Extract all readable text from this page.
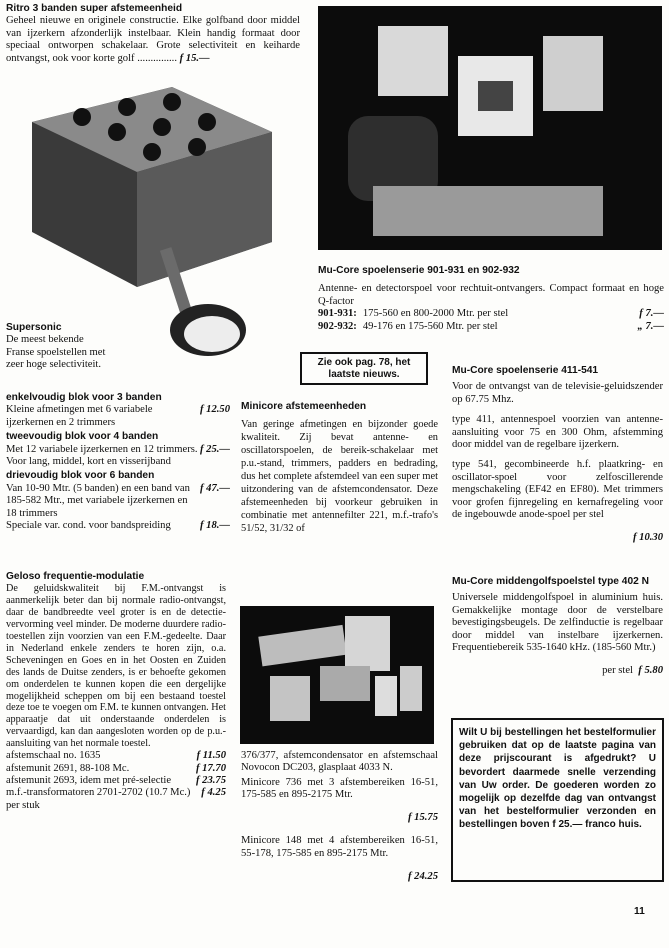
Ritro 3 banden super afstemeenheid

Geheel nieuwe en originele constructie. Elke golfband door middel van ijzerkern afzonderlijk instelbaar. Klein handig formaat door speciaal ontworpen schakelaar. Grote selectiviteit en keiharde ontvangst, ook voor korte golf ............... f 15.—

Supersonic

De meest bekende Franse spoelstellen met zeer hoge selectiviteit.

enkelvoudig blok voor 3 banden

Kleine afmetingen met 6 variabele ijzerkernen en 2 trimmers
f 12.50

tweevoudig blok voor 4 banden

Met 12 variabele ijzerkernen en 12 trimmers. Voor lang, middel, kort en visserijband
f 25.—

drievoudig blok voor 6 banden

Van 10-90 Mtr. (5 banden) en een band van 185-582 Mtr., met variabele ijzerkernen en 18 trimmers
f 47.—
Speciale var. cond. voor bandspreiding	f 18.—

Geloso frequentie-modulatie

De geluidskwaliteit bij F.M.-ontvangst is aanmerkelijk beter dan bij normale radio-ontvangst, daar de bandbreedte veel groter is en de detectie-vervorming veel minder. De moderne duurdere radio-toestellen zijn voorzien van een F.M.-gedeelte. Daar in Nederland enkele zenders te horen zijn, o.a. Scheveningen en Goes en in het Oosten en Zuiden des lands de Duitse zenders, is er behoefte gekomen om onderdelen te kunnen kopen die een dergelijke mogelijkheid scheppen om bij een bestaand toestel deze toe te voegen om F.M. te kunnen ontvangen. Het apparaatje dat uit onderstaande onderdelen is vervaardigd, kan dan aangesloten worden op de p.u.-aansluiting van het normale toestel.

afstemschaal no. 1635	f 11.50
afstemunit 2691, 88-108 Mc.	f 17.70
afstemunit 2693, idem met pré-selectie f 23.75
m.f.-transformatoren 2701-2702 (10.7 Mc.) per stuk
f 4.25

Mu-Core spoelenserie 901-931 en 902-932

Antenne- en detectorspoel voor rechtuit-ontvangers. Compact formaat en hoge Q-factor

901-931: 175-560 en 800-2000 Mtr. per stel	f 7.—
902-932: 49-176 en 175-560 Mtr. per stel	„ 7.—

Zie ook pag. 78, het laatste nieuws.

Minicore afstemeenheden

Van geringe afmetingen en bijzonder goede kwaliteit. Zij bevat antenne- en oscillatorspoelen, de bereik-schakelaar met p.u.-stand, trimmers, padders en bedrading, dus het complete afstemdeel van een super met uitzondering van de afstemcondensator. Deze afstemeenheden bij voorkeur gebruiken in combinatie met antennefilter 221, m.f.-trafo's 51/52, 31/32 of

376/377, afstemcondensator en afstemschaal Novocon DC203, glasplaat 4033 N.

Minicore 736 met 3 afstembereiken 16-51, 175-585 en 895-2175 Mtr.

f 15.75

Minicore 148 met 4 afstembereiken 16-51, 55-178, 175-585 en 895-2175 Mtr.

f 24.25

Mu-Core spoelenserie 411-541

Voor de ontvangst van de televisie-geluidszender op 67.75 Mhz.

type 411, antennespoel voorzien van antenne-aansluiting voor 75 en 300 Ohm, afstemming door middel van de regelbare ijzerkern.

type 541, gecombineerde h.f. plaatkring- en oscillator-spoel voor zelfoscillerende mengschakeling (EF42 en EF80). Met trimmers voor grofen fijnregeling en kernafregeling voor de ingebouwde anode-spoel per stel

f 10.30

Mu-Core middengolfspoelstel type 402 N

Universele middengolfspoel in aluminium huis. Gemakkelijke montage door de verstelbare bevestigingsbeugels. De zelfinductie is regelbaar door middel van instelbare ijzerkernen. Frequentiebereik 535-1640 kHz. (185-560 Mtr.)

per stel f 5.80

Wilt U bij bestellingen het bestelformulier gebruiken dat op de laatste pagina van deze prijscourant is afgedrukt? U bevordert daarmede snelle verzending van Uw order. De goederen worden zo mogelijk op dezelfde dag van ontvangst van het bestelformulier verzonden en bestellingen boven f 25.— franco huis.

11
